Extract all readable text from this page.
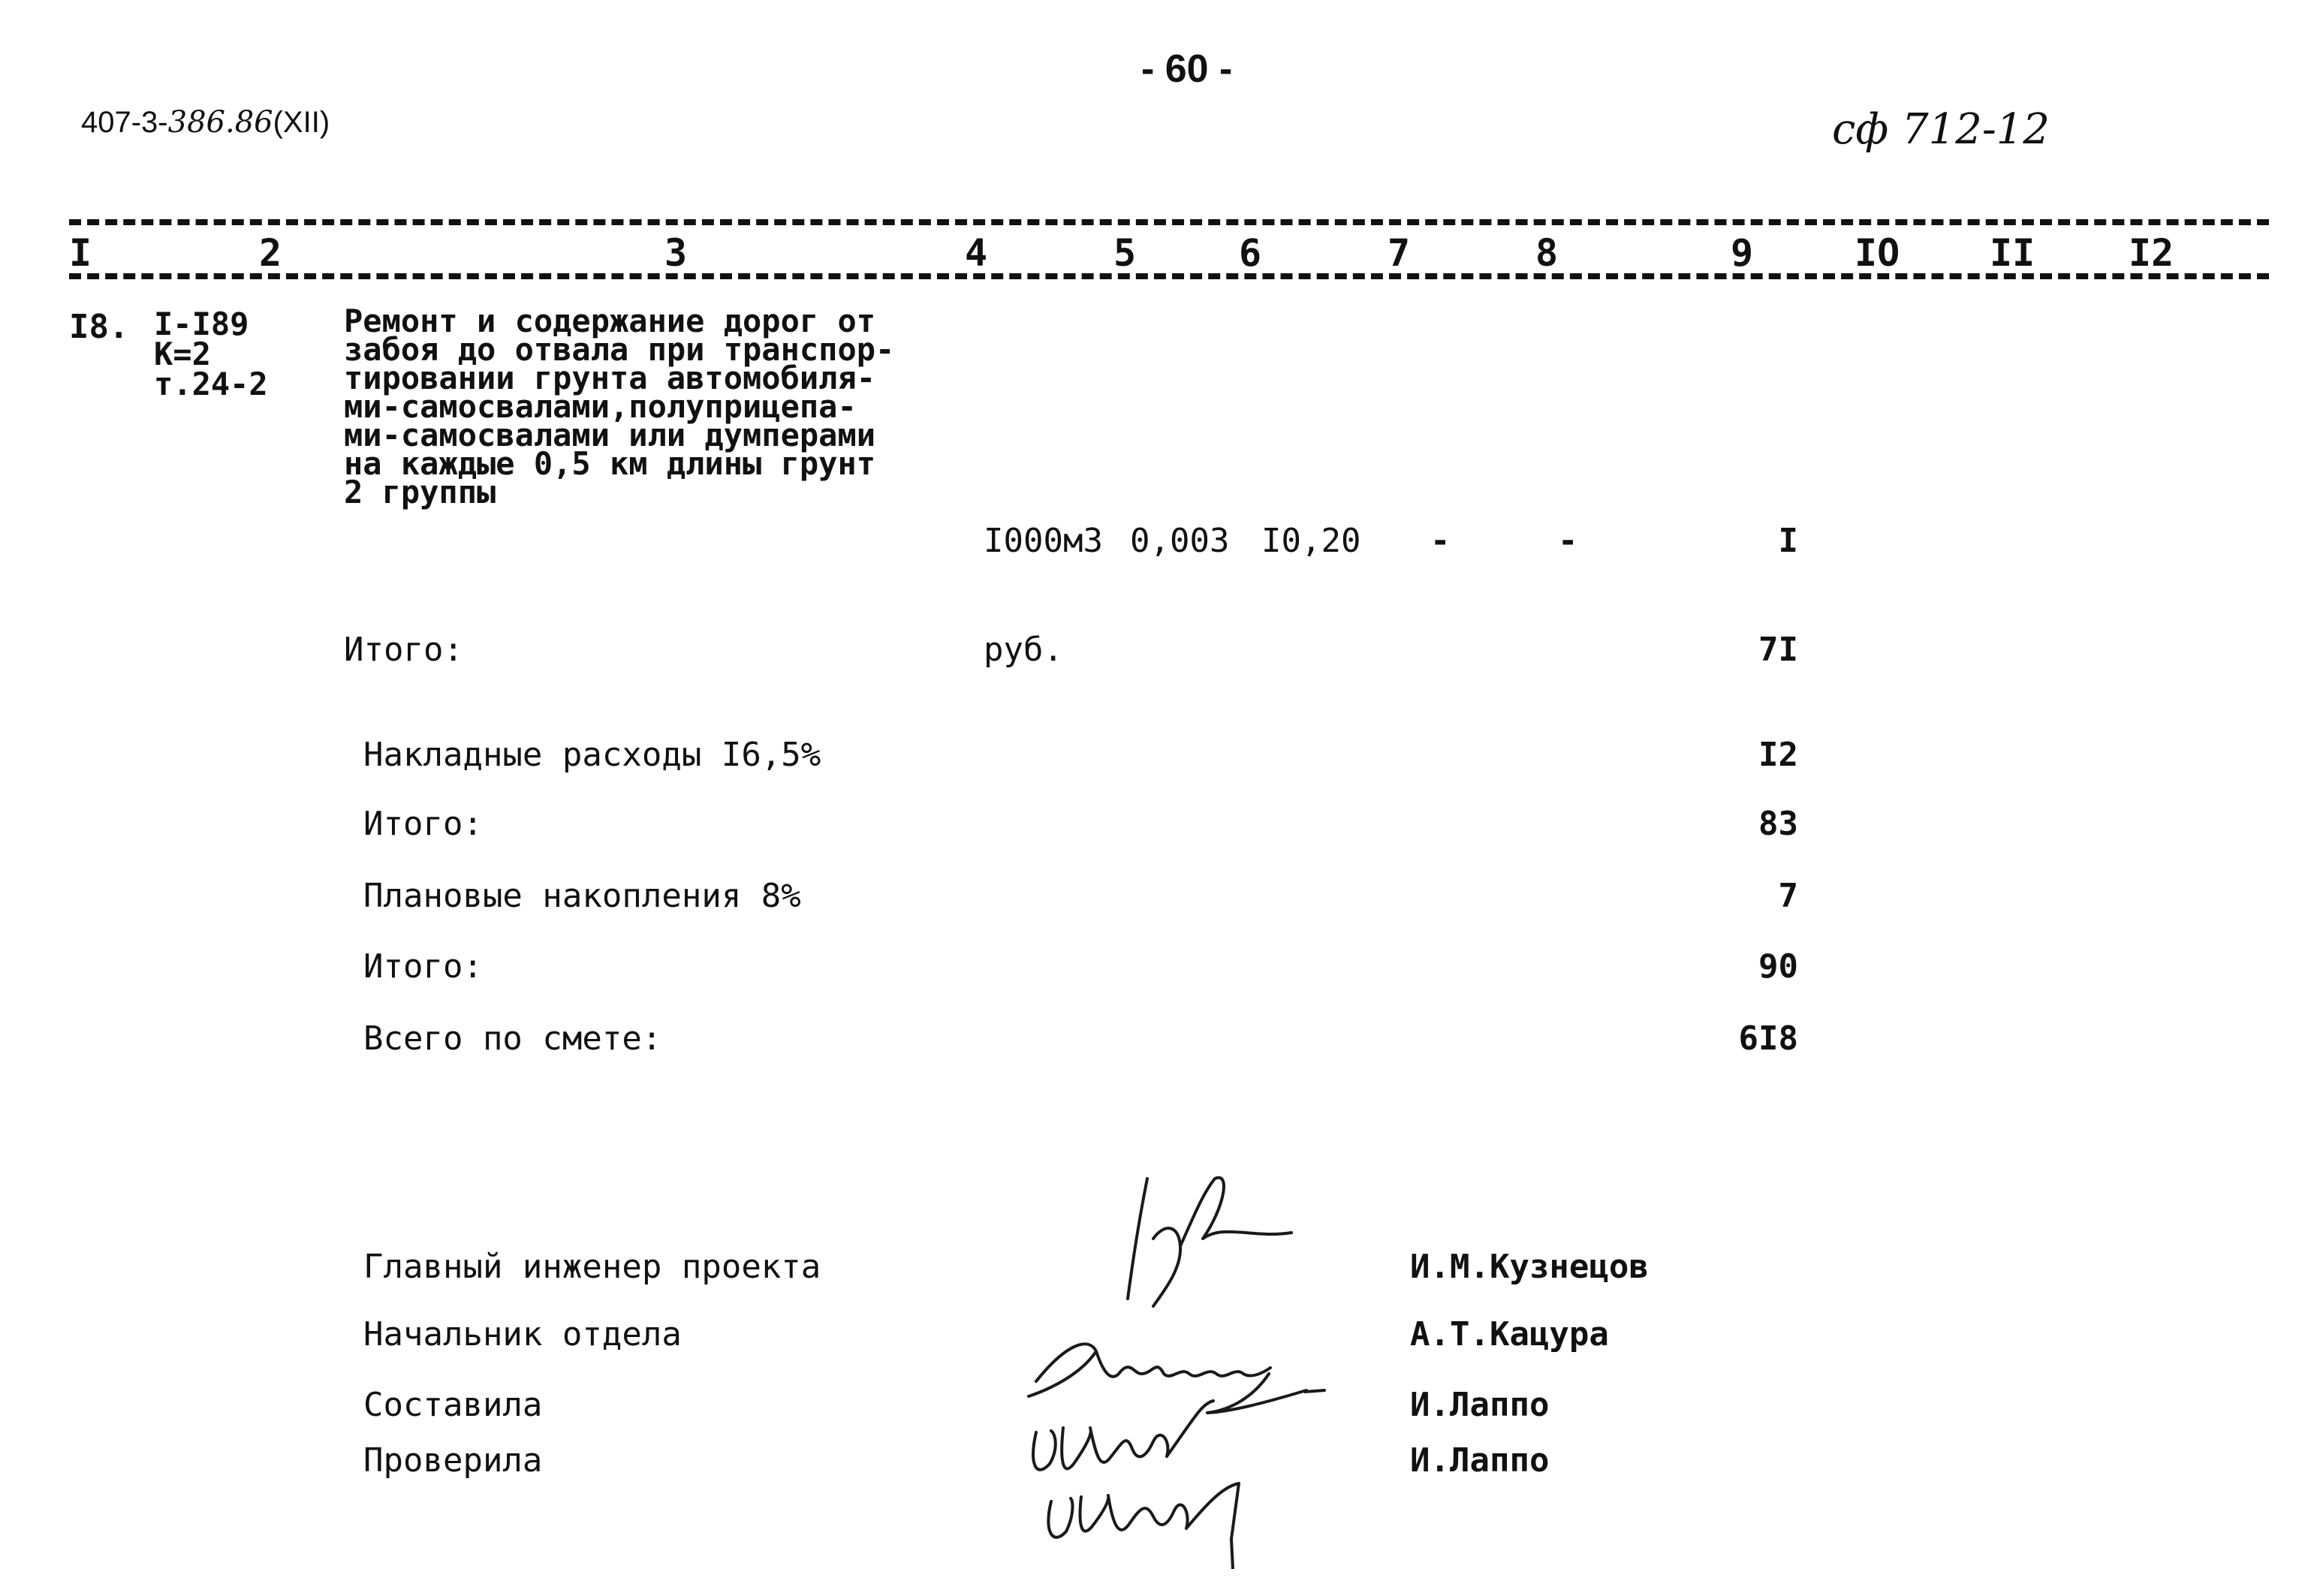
- 60 -
407-3-386.86(XII)	сф 712-12
I	2	3	4	5	6	7	8	9	IO II I2
I8. I-I89
K=2
т.24-2
Ремонт и содержание дорог от
забоя до отвала при транспор-
тировании грунта автомобиля-
ми-самосвалами,полуприцепа-
ми-самосвалами или думперами
на каждые 0,5 км длины грунт
2 группы
I000м3 0,003 I0,20 -	-	I
Итого:	руб.	7I
Накладные расходы I6,5%	I2
Итого:	83
Плановые накопления 8%	7
Итого:	90
Всего по смете:	6I8
Главный инженер проекта	И.М.Кузнецов
Начальник отдела	А.Т.Кацура
Составила	И.Лаппо
Проверила	И.Лаппо
